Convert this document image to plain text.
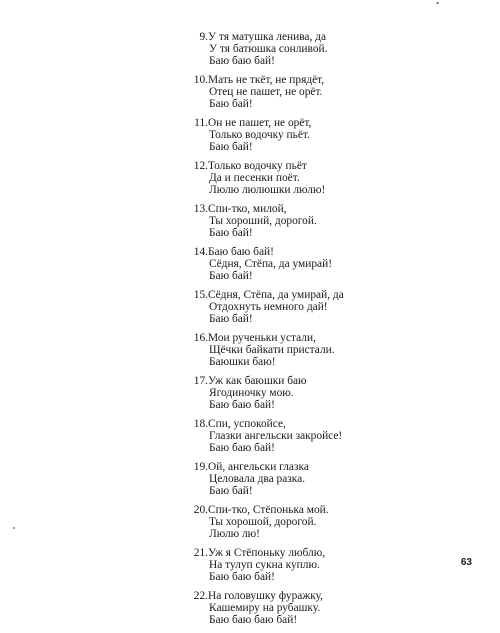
9. У тя матушка ленива, да
У тя батюшка сонливой.
Баю баю бай!
10. Мать не ткёт, не прядёт,
Отец не пашет, не орёт.
Баю бай!
11. Он не пашет, не орёт,
Только водочку пьёт.
Баю бай!
12. Только водочку пьёт
Да и песенки поёт.
Люлю люлюшки люлю!
13. Спи-тко, милой,
Ты хороший, дорогой.
Баю бай!
14. Баю баю бай!
Сёдня, Стёпа, да умирай!
Баю бай!
15. Сёдня, Стёпа, да умирай, да
Отдохнуть немного дай!
Баю бай!
16. Мои рученьки устали,
Щёчки байкати пристали.
Баюшки баю!
17. Уж как баюшки баю
Ягодиночку мою.
Баю баю бай!
18. Спи, успокойсе,
Глазки ангельски закройсе!
Баю баю бай!
19. Ой, ангельски глазка
Целовала два разка.
Баю бай!
20. Спи-тко, Стёпонька мой.
Ты хорошой, дорогой.
Люлю лю!
21. Уж я Стёпоньку люблю,
На тулуп сукна куплю.
Баю баю бай!
22. На головушку фуражку,
Кашемиру на рубашку.
Баю баю баю бай!
63
